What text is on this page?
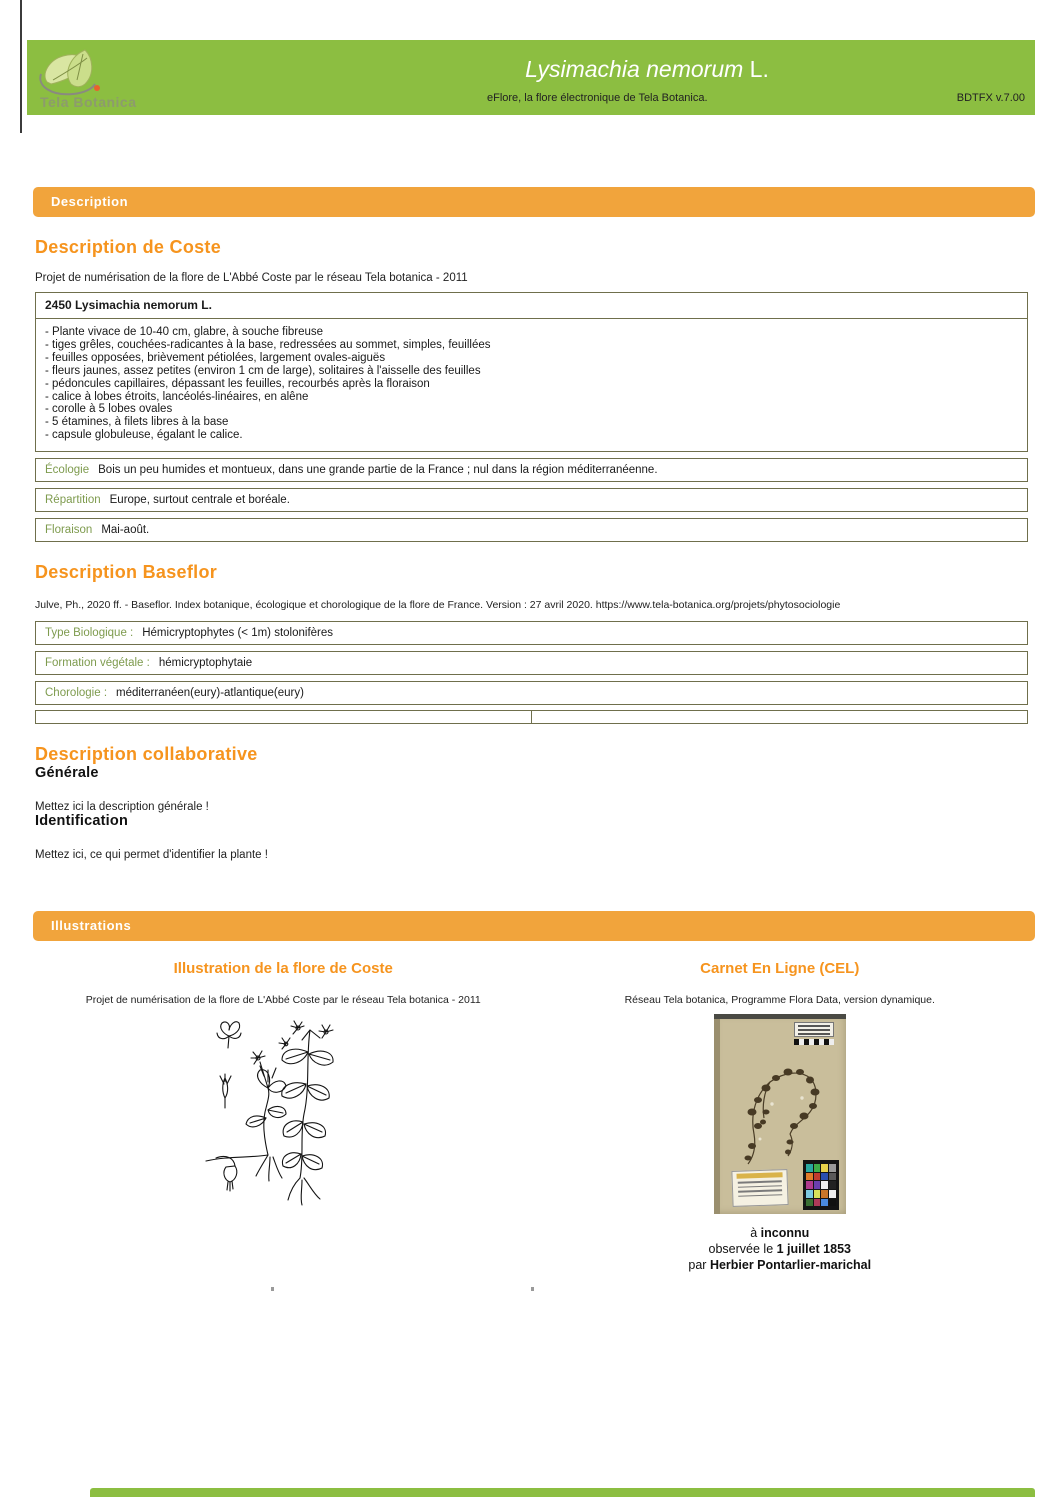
Tela Botanica
Lysimachia nemorum L.
eFlore, la flore électronique de Tela Botanica.	BDTFX v.7.00
Description
Description de Coste
Projet de numérisation de la flore de L'Abbé Coste par le réseau Tela botanica - 2011
2450 Lysimachia nemorum L.
- Plante vivace de 10-40 cm, glabre, à souche fibreuse
- tiges grêles, couchées-radicantes à la base, redressées au sommet, simples, feuillées
- feuilles opposées, brièvement pétiolées, largement ovales-aiguës
- fleurs jaunes, assez petites (environ 1 cm de large), solitaires à l'aisselle des feuilles
- pédoncules capillaires, dépassant les feuilles, recourbés après la floraison
- calice à lobes étroits, lancéolés-linéaires, en alêne
- corolle à 5 lobes ovales
- 5 étamines, à filets libres à la base
- capsule globuleuse, égalant le calice.
Écologie Bois un peu humides et montueux, dans une grande partie de la France ; nul dans la région méditerranéenne.
Répartition Europe, surtout centrale et boréale.
Floraison Mai-août.
Description Baseflor
Julve, Ph., 2020 ff. - Baseflor. Index botanique, écologique et chorologique de la flore de France. Version : 27 avril 2020. https://www.tela-botanica.org/projets/phytosociologie
Type Biologique : Hémicryptophytes (< 1m) stolonifères
Formation végétale : hémicryptophytaie
Chorologie : méditerranéen(eury)-atlantique(eury)
Description collaborative
Générale
Mettez ici la description générale !
Identification
Mettez ici, ce qui permet d'identifier la plante !
Illustrations
Illustration de la flore de Coste
Projet de numérisation de la flore de L'Abbé Coste par le réseau Tela botanica - 2011
Carnet En Ligne (CEL)
Réseau Tela botanica, Programme Flora Data, version dynamique.
à inconnu
observée le 1 juillet 1853
par Herbier Pontarlier-marichal
